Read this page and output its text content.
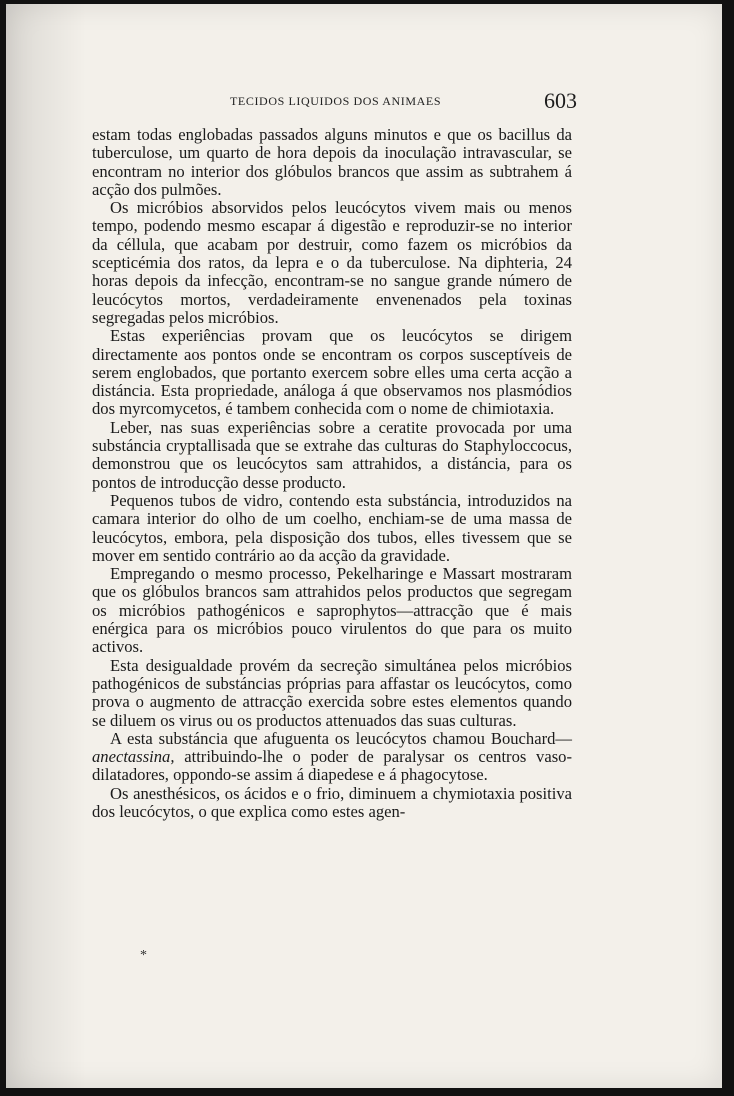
TECIDOS LIQUIDOS DOS ANIMAES	603

estam todas englobadas passados alguns minutos e que os bacillus da tuberculose, um quarto de hora depois da inoculação intravascular, se encontram no interior dos glóbulos brancos que assim as subtrahem á acção dos pulmões.

Os micróbios absorvidos pelos leucócytos vivem mais ou menos tempo, podendo mesmo escapar á digestão e reproduzir-se no interior da céllula, que acabam por destruir, como fazem os micróbios da scepticémia dos ratos, da lepra e o da tuberculose. Na diphteria, 24 horas depois da infecção, encontram-se no sangue grande número de leucócytos mortos, verdadeiramente envenenados pela toxinas segregadas pelos micróbios.

Estas experiências provam que os leucócytos se dirigem directamente aos pontos onde se encontram os corpos susceptíveis de serem englobados, que portanto exercem sobre elles uma certa acção a distáncia. Esta propriedade, análoga á que observamos nos plasmódios dos myrcomycetos, é tambem conhecida com o nome de chimiotaxia.

Leber, nas suas experiências sobre a ceratite provocada por uma substáncia cryptallisada que se extrahe das culturas do Staphyloccocus, demonstrou que os leucócytos sam attrahidos, a distáncia, para os pontos de introducção desse producto.

Pequenos tubos de vidro, contendo esta substáncia, introduzidos na camara interior do olho de um coelho, enchiam-se de uma massa de leucócytos, embora, pela disposição dos tubos, elles tivessem que se mover em sentido contrário ao da acção da gravidade.

Empregando o mesmo processo, Pekelharinge e Massart mostraram que os glóbulos brancos sam attrahidos pelos productos que segregam os micróbios pathogénicos e saprophytos—attracção que é mais enérgica para os micróbios pouco virulentos do que para os muito activos.

Esta desigualdade provém da secreção simultánea pelos micróbios pathogénicos de substáncias próprias para affastar os leucócytos, como prova o augmento de attracção exercida sobre estes elementos quando se diluem os virus ou os productos attenuados das suas culturas.

A esta substáncia que afuguenta os leucócytos chamou Bouchard—anectassina, attribuindo-lhe o poder de paralysar os centros vaso-dilatadores, oppondo-se assim á diapedese e á phagocytose.

Os anesthésicos, os ácidos e o frio, diminuem a chymiotaxia positiva dos leucócytos, o que explica como estes agen-

*
